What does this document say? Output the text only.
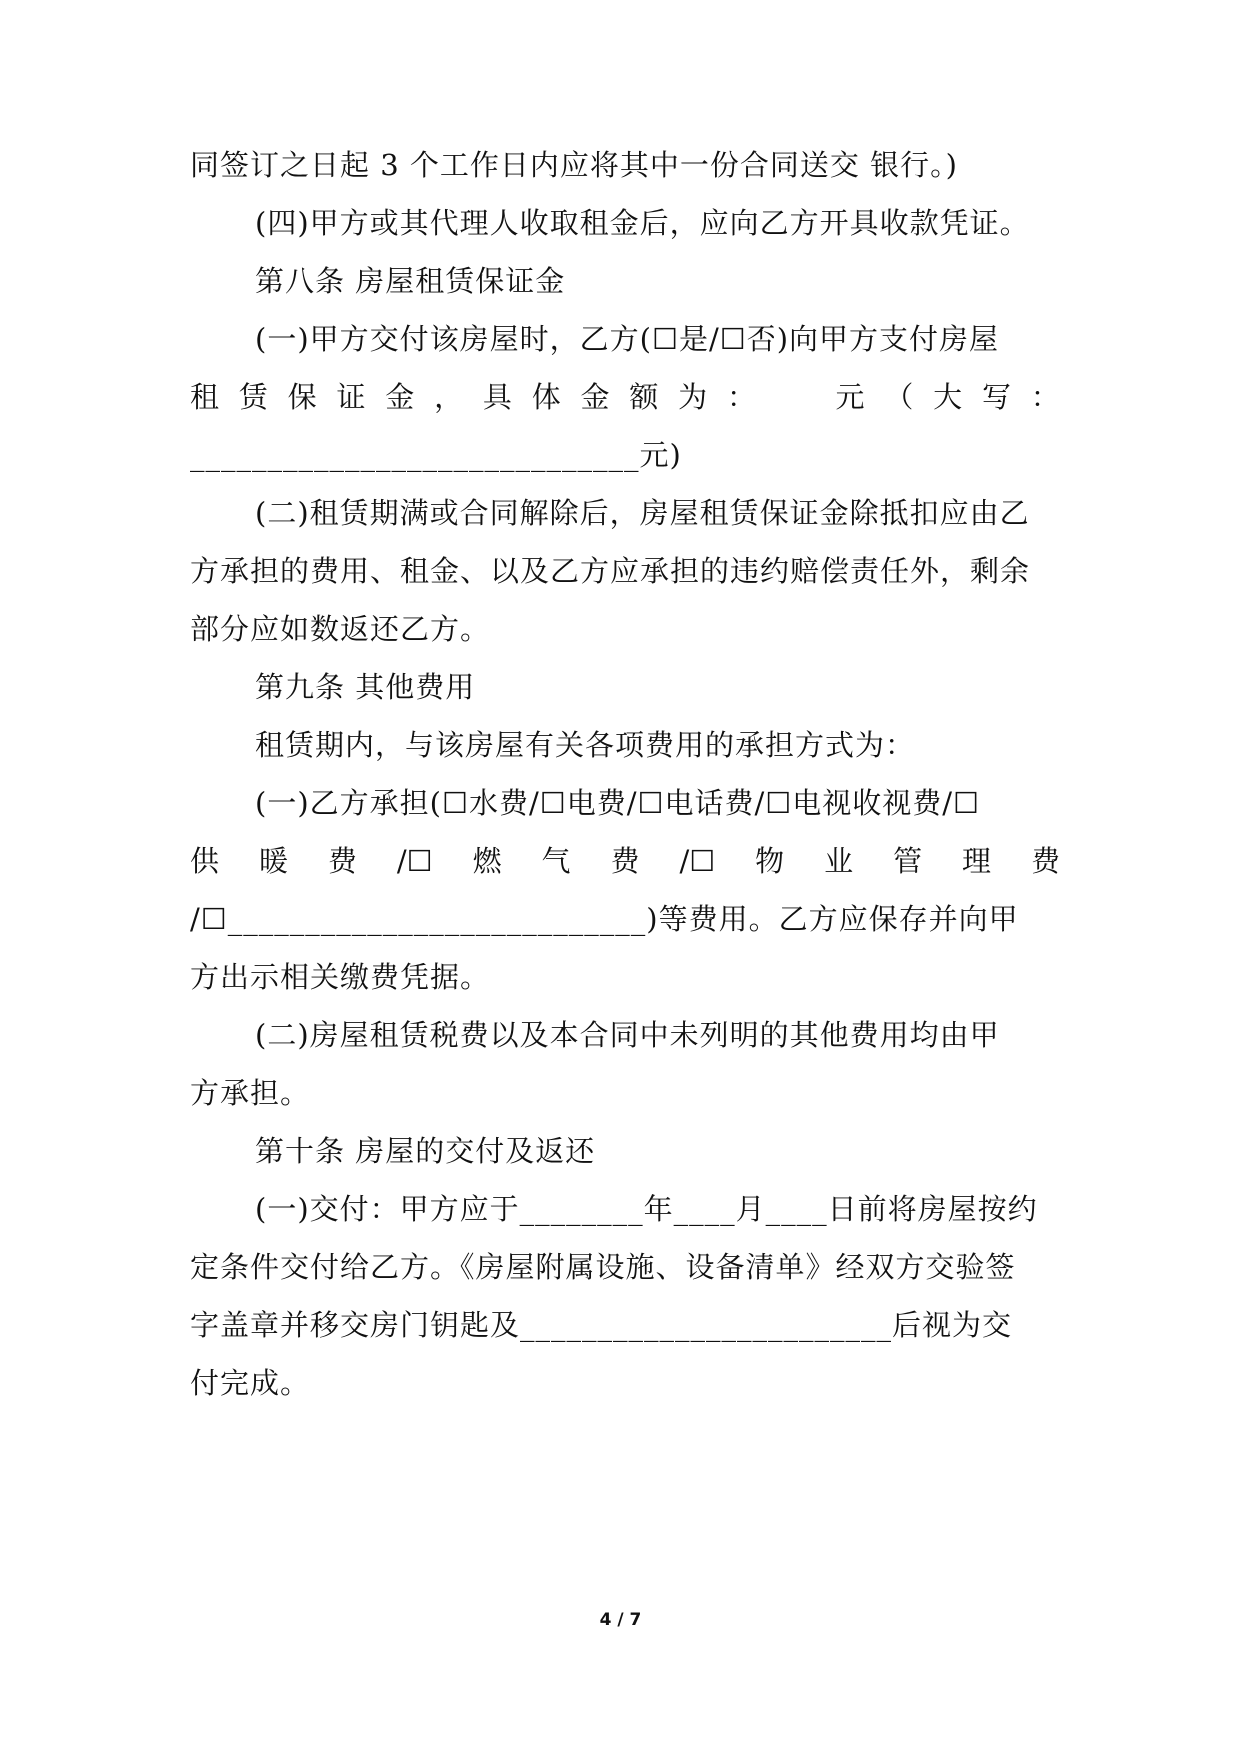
同签订之日起 3 个工作日内应将其中一份合同送交 银行。)
(四)甲方或其代理人收取租金后，应向乙方开具收款凭证。
第八条 房屋租赁保证金
(一)甲方交付该房屋时，乙方(☐是/☐否)向甲方支付房屋
租 赁 保 证 金 ， 具 体 金 额 为 ：	元 （ 大 写 ：
_____________________________元)
(二)租赁期满或合同解除后，房屋租赁保证金除抵扣应由乙
方承担的费用、租金、以及乙方应承担的违约赔偿责任外，剩余
部分应如数返还乙方。
第九条 其他费用
租赁期内，与该房屋有关各项费用的承担方式为：
(一)乙方承担(☐水费/☐电费/☐电话费/☐电视收视费/☐
供 暖 费 /☐ 燃 气 费 /☐ 物 业 管 理 费
/☐___________________________)等费用。乙方应保存并向甲
方出示相关缴费凭据。
(二)房屋租赁税费以及本合同中未列明的其他费用均由甲
方承担。
第十条 房屋的交付及返还
(一)交付：甲方应于________年____月____日前将房屋按约
定条件交付给乙方。《房屋附属设施、设备清单》经双方交验签
字盖章并移交房门钥匙及________________________后视为交
付完成。
4 / 7
